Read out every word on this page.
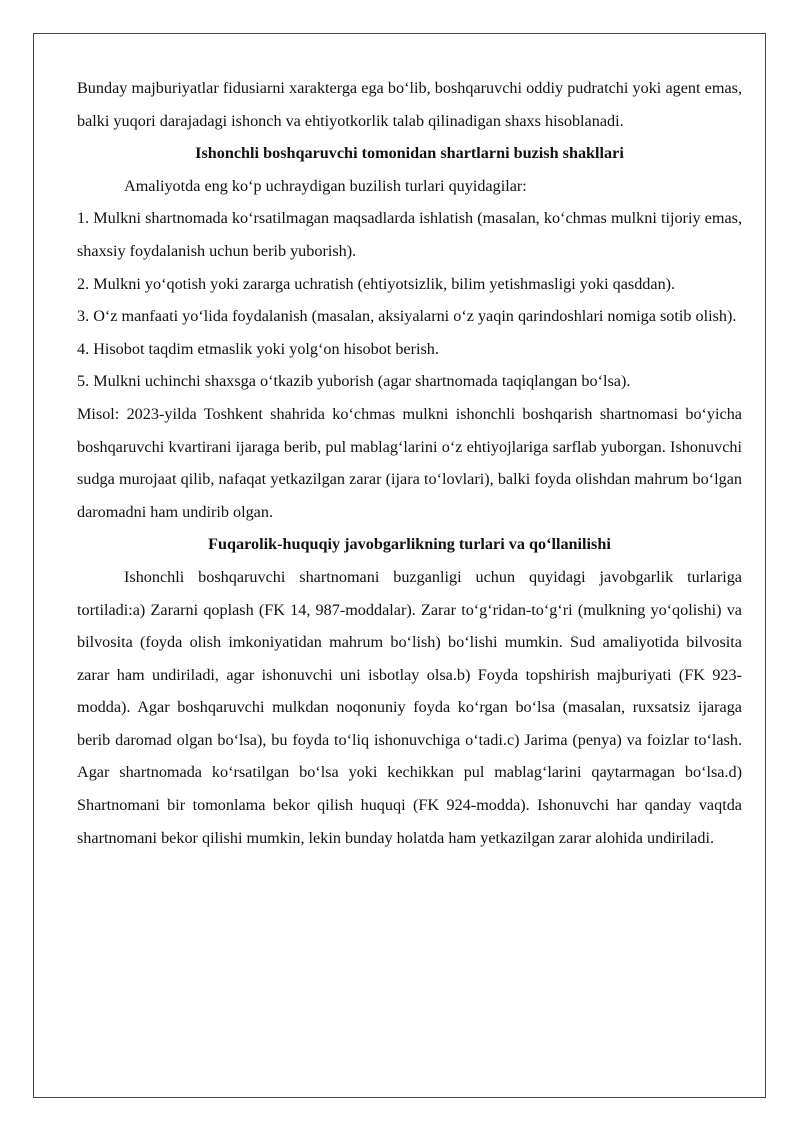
Bunday majburiyatlar fidusiarni xarakterga ega bo‘lib, boshqaruvchi oddiy pudratchi yoki agent emas, balki yuqori darajadagi ishonch va ehtiyotkorlik talab qilinadigan shaxs hisoblanadi.

Ishonchli boshqaruvchi tomonidan shartlarni buzish shakllari

Amaliyotda eng ko‘p uchraydigan buzilish turlari quyidagilar:

1. Mulkni shartnomada ko‘rsatilmagan maqsadlarda ishlatish (masalan, ko‘chmas mulkni tijoriy emas, shaxsiy foydalanish uchun berib yuborish).

2. Mulkni yo‘qotish yoki zararga uchratish (ehtiyotsizlik, bilim yetishmasligi yoki qasddan).

3. O‘z manfaati yo‘lida foydalanish (masalan, aksiyalarni o‘z yaqin qarindoshlari nomiga sotib olish).

4. Hisobot taqdim etmaslik yoki yolg‘on hisobot berish.

5. Mulkni uchinchi shaxsga o‘tkazib yuborish (agar shartnomada taqiqlangan bo‘lsa).

Misol: 2023-yilda Toshkent shahrida ko‘chmas mulkni ishonchli boshqarish shartnomasi bo‘yicha boshqaruvchi kvartirani ijaraga berib, pul mablag‘larini o‘z ehtiyojlariga sarflab yuborgan. Ishonuvchi sudga murojaat qilib, nafaqat yetkazilgan zarar (ijara to‘lovlari), balki foyda olishdan mahrum bo‘lgan daromadni ham undirib olgan.

Fuqarolik-huquqiy javobgarlikning turlari va qo‘llanilishi

Ishonchli boshqaruvchi shartnomani buzganligi uchun quyidagi javobgarlik turlariga tortiladi:a) Zararni qoplash (FK 14, 987-moddalar). Zarar to‘g‘ridan-to‘g‘ri (mulkning yo‘qolishi) va bilvosita (foyda olish imkoniyatidan mahrum bo‘lish) bo‘lishi mumkin. Sud amaliyotida bilvosita zarar ham undiriladi, agar ishonuvchi uni isbotlay olsa.b) Foyda topshirish majburiyati (FK 923-modda). Agar boshqaruvchi mulkdan noqonuniy foyda ko‘rgan bo‘lsa (masalan, ruxsatsiz ijaraga berib daromad olgan bo‘lsa), bu foyda to‘liq ishonuvchiga o‘tadi.c) Jarima (penya) va foizlar to‘lash. Agar shartnomada ko‘rsatilgan bo‘lsa yoki kechikkan pul mablag‘larini qaytarmagan bo‘lsa.d) Shartnomani bir tomonlama bekor qilish huquqi (FK 924-modda). Ishonuvchi har qanday vaqtda shartnomani bekor qilishi mumkin, lekin bunday holatda ham yetkazilgan zarar alohida undiriladi.
